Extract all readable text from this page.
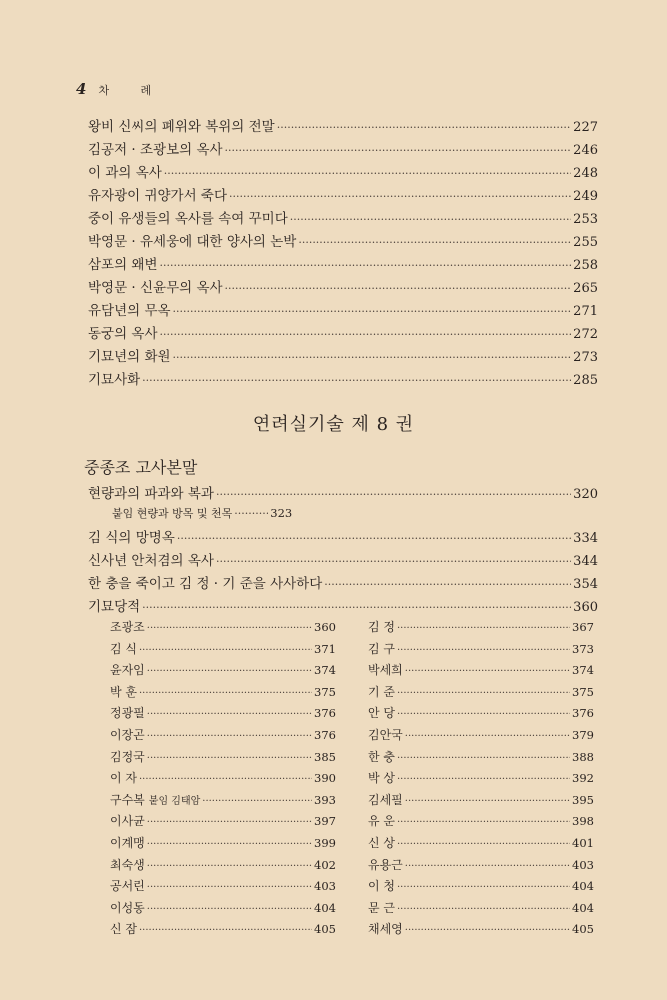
4 차 례
왕비 신씨의 폐위와 복위의 전말 ·····	227
김공저 · 조광보의 옥사 ·····	246
이 과의 옥사 ·····	248
유자광이 귀양가서 죽다 ·····	249
중이 유생들의 옥사를 속여 꾸미다 ·····	253
박영문 · 유세웅에 대한 양사의 논박 ·····	255
삼포의 왜변 ·····	258
박영문 · 신윤무의 옥사 ·····	265
유담년의 무옥 ·····	271
동궁의 옥사 ·····	272
기묘년의 화원 ·····	273
기묘사화 ·····	285
연려실기술 제 8 권
중종조 고사본말
현량과의 파과와 복과 ·····	320
붙임 현량과 방목 및 천목 ·····	323
김 식의 망명옥 ·····	334
신사년 안처겸의 옥사 ·····	344
한 충을 죽이고 김 정 · 기 준을 사사하다 ·····	354
기묘당적 ·····	360
조광조 ·····	360	김 정 ·····	367
김 식 ·····	371	김 구 ·····	373
윤자임 ·····	374	박세희 ·····	374
박 훈 ·····	375	기 준 ·····	375
정광필 ·····	376	안 당 ·····	376
이장곤 ·····	376	김안국 ·····	379
김정국 ·····	385	한 충 ·····	388
이 자 ·····	390	박 상 ·····	392
구수복 붙임 김태암 ·····	393	김세필 ·····	395
이사균 ·····	397	유 운 ·····	398
이계맹 ·····	399	신 상 ·····	401
최숙생 ·····	402	유용근 ·····	403
공서린 ·····	403	이 청 ·····	404
이성동 ·····	404	문 근 ·····	404
신 잠 ·····	405	채세영 ·····	405
